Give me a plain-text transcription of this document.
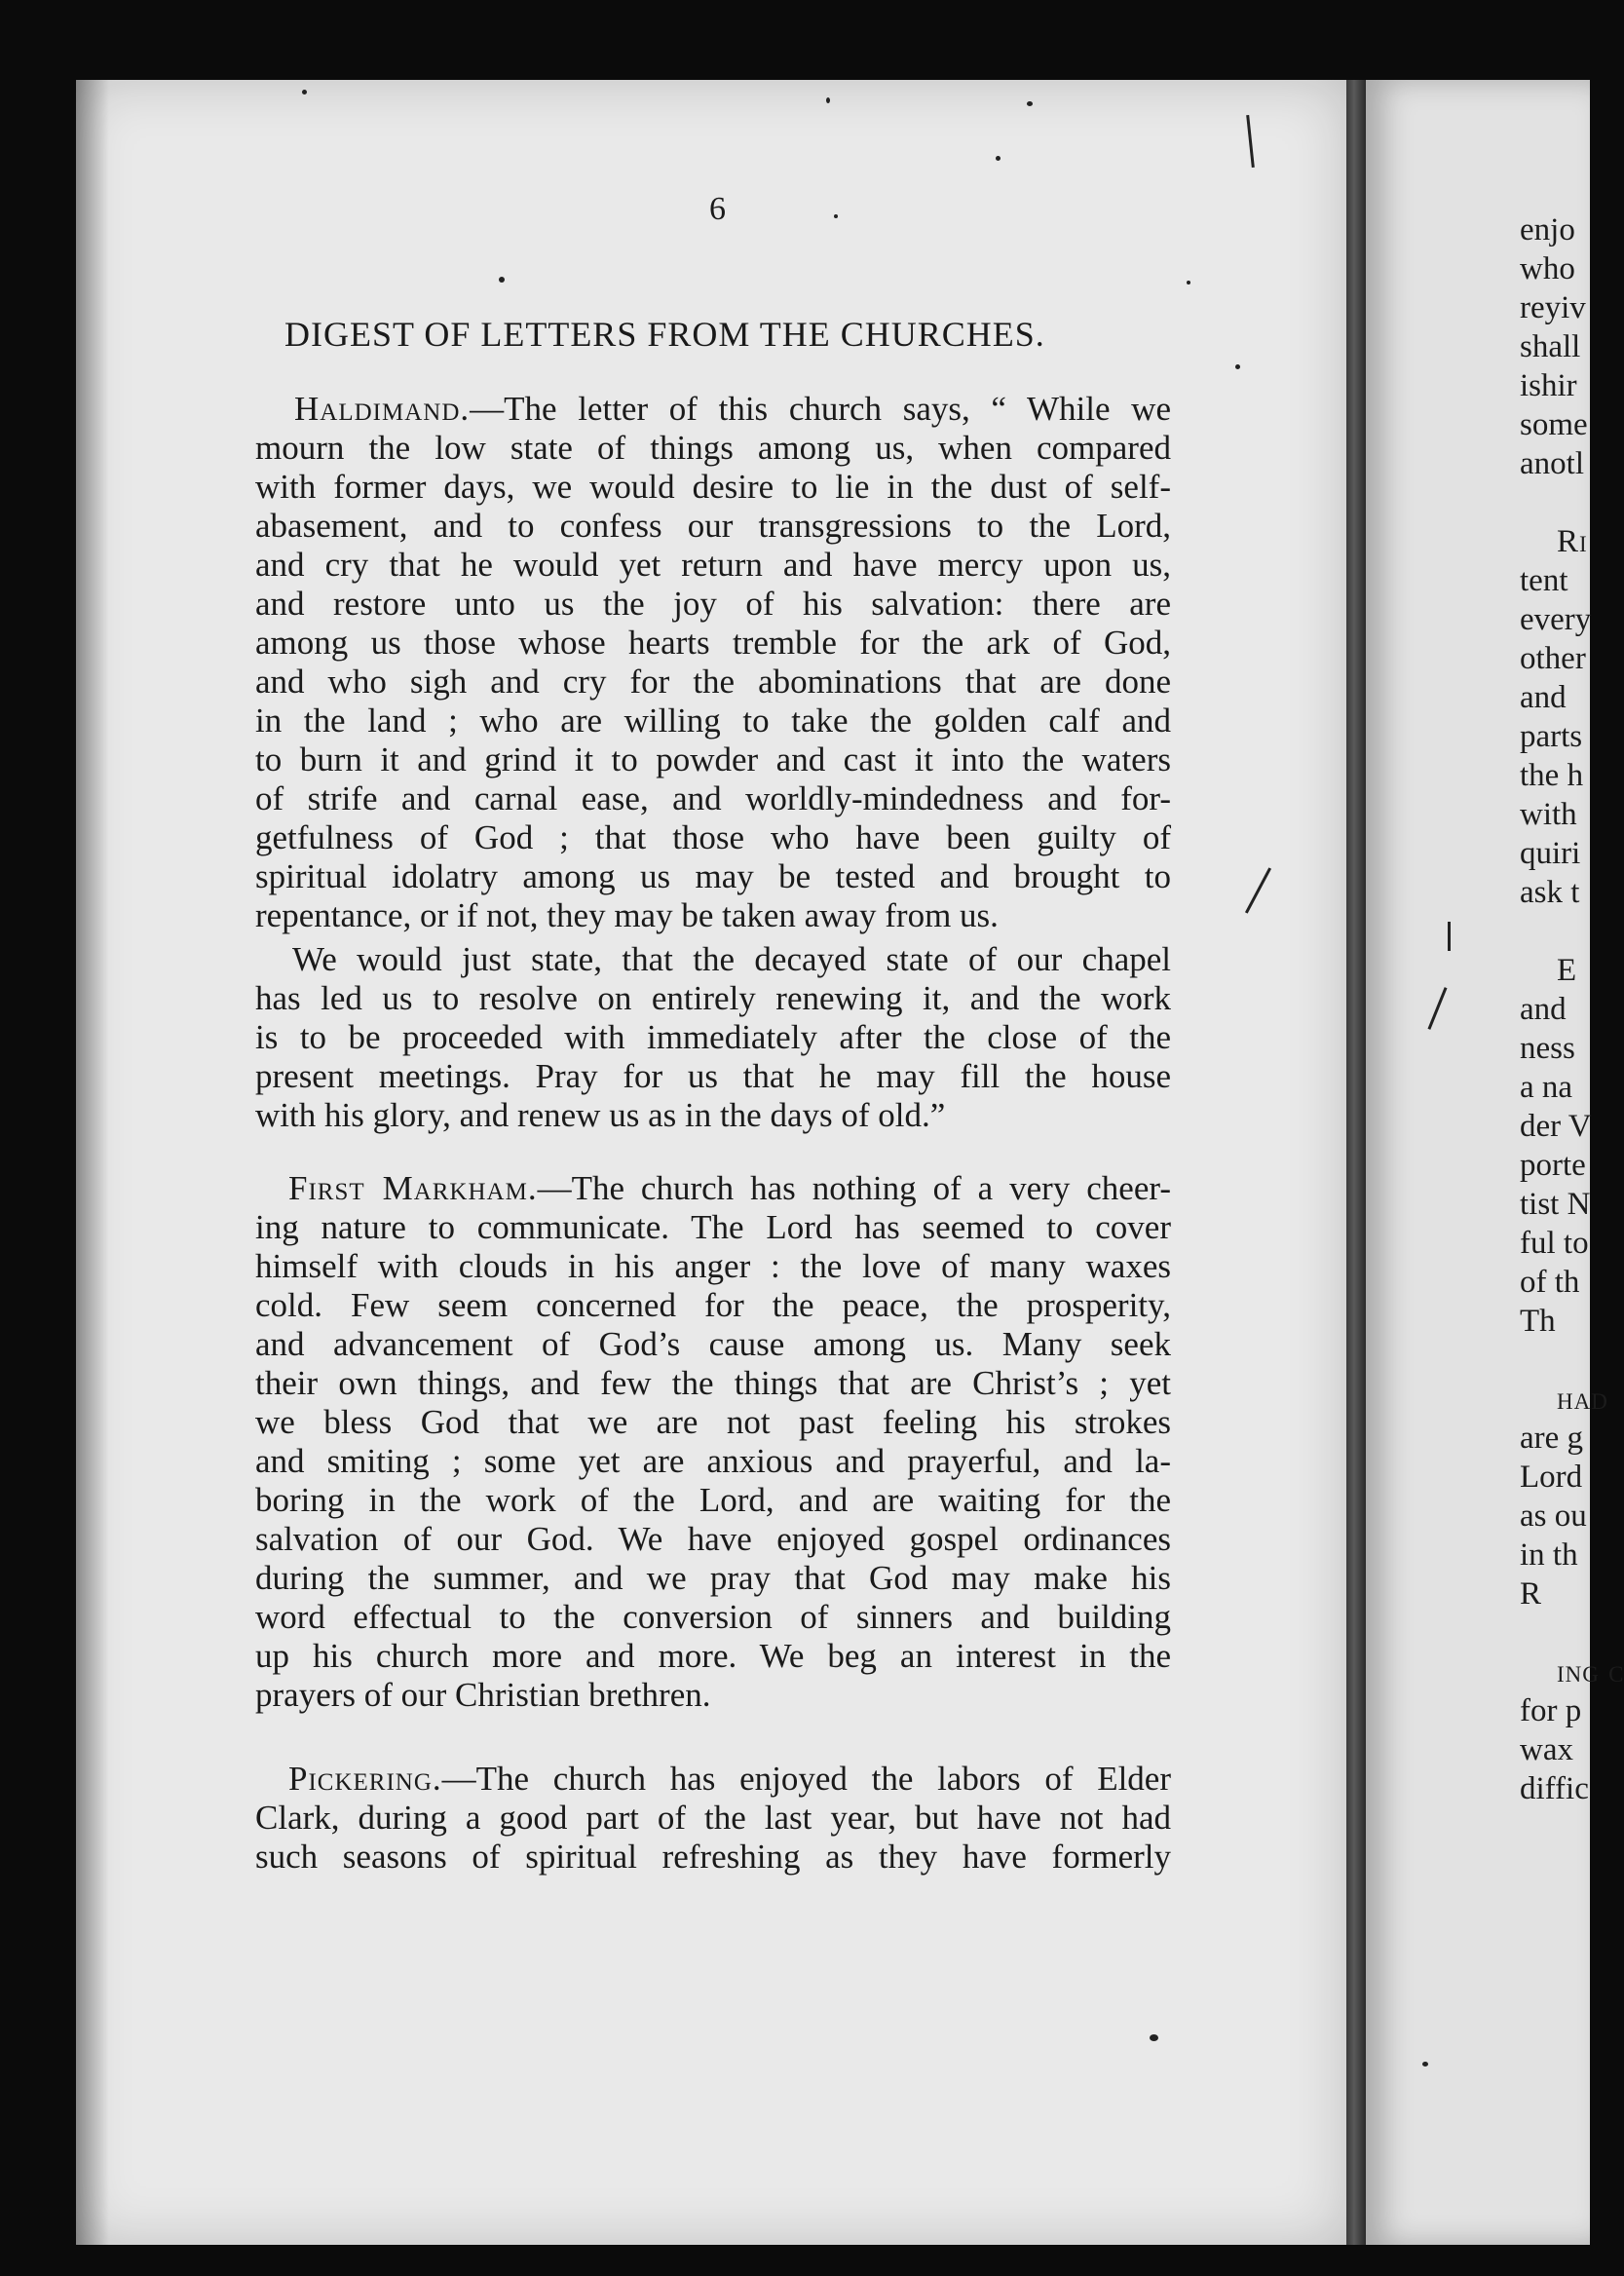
6
DIGEST OF LETTERS FROM THE CHURCHES.
Haldimand.—The letter of this church says, “ While we
mourn the low state of things among us, when compared
with former days, we would desire to lie in the dust of self-
abasement, and to confess our transgressions to the Lord,
and cry that he would yet return and have mercy upon us,
and restore unto us the joy of his salvation: there are
among us those whose hearts tremble for the ark of God,
and who sigh and cry for the abominations that are done
in the land ; who are willing to take the golden calf and
to burn it and grind it to powder and cast it into the waters
of strife and carnal ease, and worldly-mindedness and for-
getfulness of God ; that those who have been guilty of
spiritual idolatry among us may be tested and brought to
repentance, or if not, they may be taken away from us.
We would just state, that the decayed state of our chapel
has led us to resolve on entirely renewing it, and the work
is to be proceeded with immediately after the close of the
present meetings. Pray for us that he may fill the house
with his glory, and renew us as in the days of old.”
First Markham.—The church has nothing of a very cheer-
ing nature to communicate. The Lord has seemed to cover
himself with clouds in his anger : the love of many waxes
cold. Few seem concerned for the peace, the prosperity,
and advancement of God’s cause among us. Many seek
their own things, and few the things that are Christ’s ; yet
we bless God that we are not past feeling his strokes
and smiting ; some yet are anxious and prayerful, and la-
boring in the work of the Lord, and are waiting for the
salvation of our God. We have enjoyed gospel ordinances
during the summer, and we pray that God may make his
word effectual to the conversion of sinners and building
up his church more and more. We beg an interest in the
prayers of our Christian brethren.
Pickering.—The church has enjoyed the labors of Elder
Clark, during a good part of the last year, but have not had
such seasons of spiritual refreshing as they have formerly
enjo
who
reyiv
shall
ishir
some
anotl
Ri
tent
every
other
and
parts
the h
with
quiri
ask t
E
and
ness
a na
der V
porte
tist N
ful to
of th
Th
had
are g
Lord
as ou
in th
R
ing c
for p
wax
diffic
